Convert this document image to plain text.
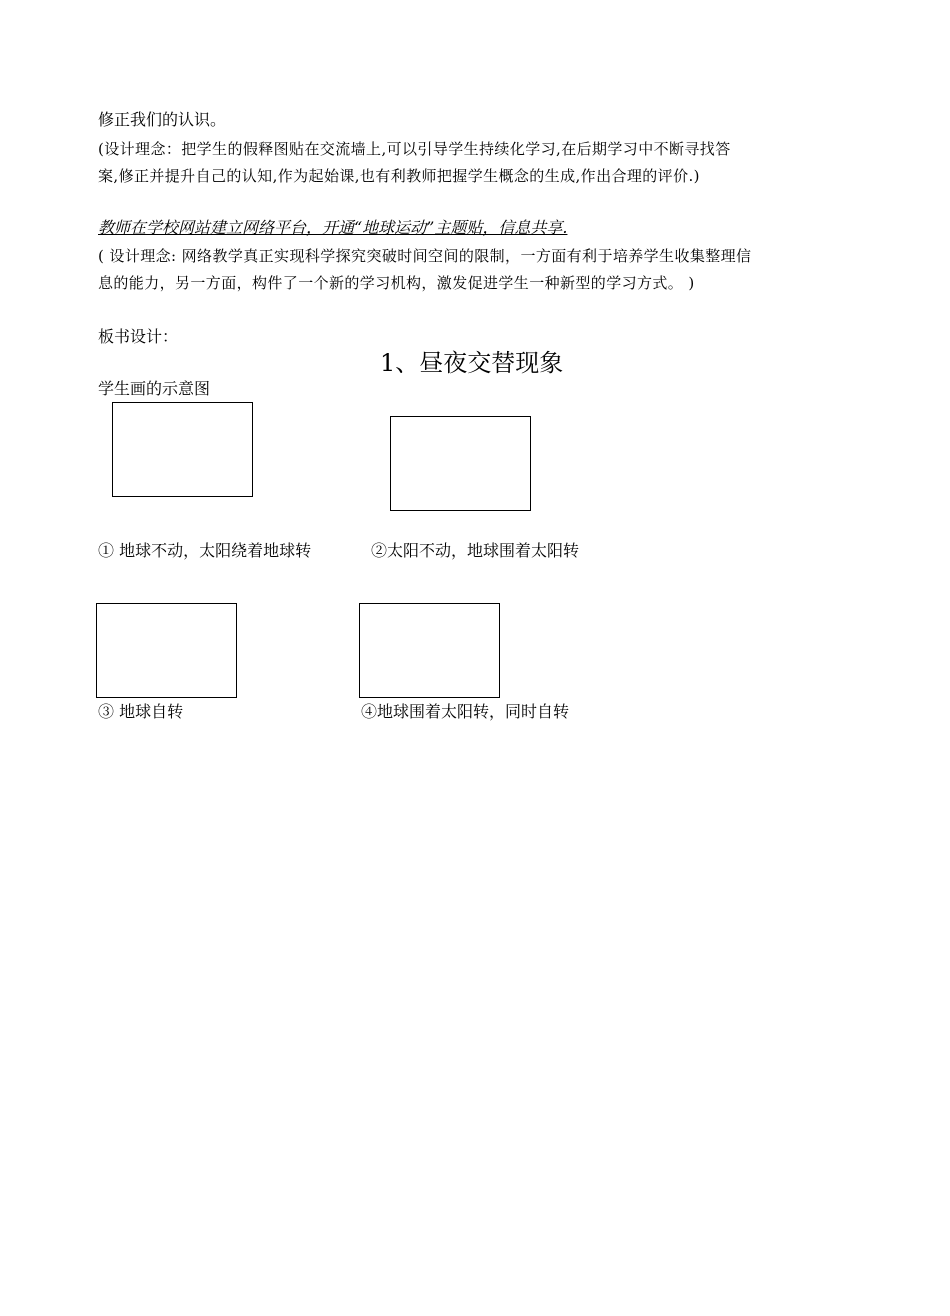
修正我们的认识。
(设计理念：把学生的假释图贴在交流墙上,可以引导学生持续化学习,在后期学习中不断寻找答
案,修正并提升自己的认知,作为起始课,也有利教师把握学生概念的生成,作出合理的评价.)
教师在学校网站建立网络平台，开通“地球运动”主题贴，信息共享.
( 设计理念: 网络教学真正实现科学探究突破时间空间的限制，一方面有利于培养学生收集整理信
息的能力，另一方面，构件了一个新的学习机构，激发促进学生一种新型的学习方式。 )
板书设计：
1、昼夜交替现象
学生画的示意图
① 地球不动，太阳绕着地球转	②太阳不动，地球围着太阳转
③ 地球自转	④地球围着太阳转，同时自转
